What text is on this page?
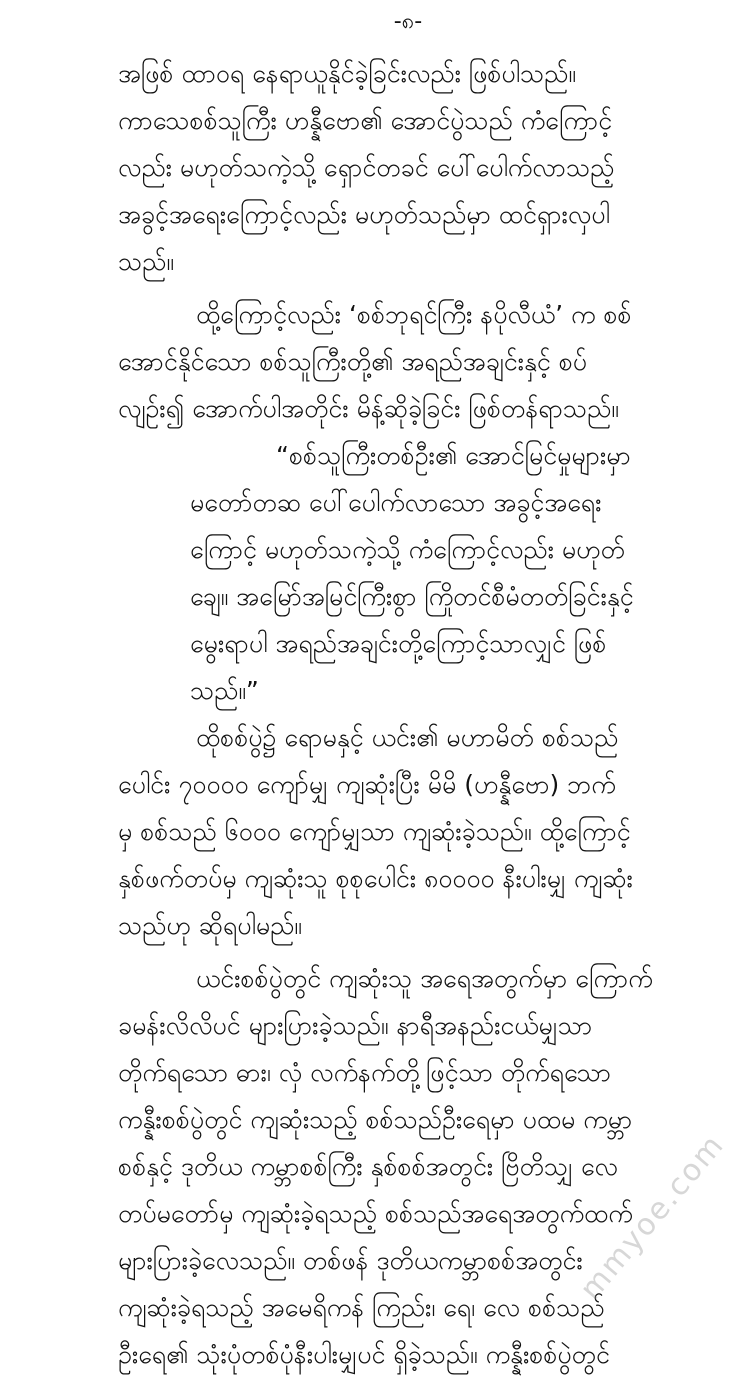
-၈-
အဖြစ် ထာဝရ နေရာယူနိုင်ခဲ့ခြင်းလည်း ဖြစ်ပါသည်။
ကာသေစစ်သူကြီး ဟန္နီဗော၏ အောင်ပွဲသည် ကံကြောင့်
လည်း မဟုတ်သကဲ့သို့ ရှောင်တခင် ပေါ်ပေါက်လာသည့်
အခွင့်အရေးကြောင့်လည်း မဟုတ်သည်မှာ ထင်ရှားလှပါ
သည်။
ထို့ကြောင့်လည်း ‘စစ်ဘုရင်ကြီး နပိုလီယံ’ က စစ်
အောင်နိုင်သော စစ်သူကြီးတို့၏ အရည်အချင်းနှင့် စပ်
လျဉ်း၍ အောက်ပါအတိုင်း မိန့်ဆိုခဲ့ခြင်း ဖြစ်တန်ရာသည်။
“စစ်သူကြီးတစ်ဦး၏ အောင်မြင်မှုများမှာ
မတော်တဆ ပေါ်ပေါက်လာသော အခွင့်အရေး
ကြောင့် မဟုတ်သကဲ့သို့ ကံကြောင့်လည်း မဟုတ်
ချေ။ အမြော်အမြင်ကြီးစွာ ကြိုတင်စီမံတတ်ခြင်းနှင့်
မွေးရာပါ အရည်အချင်းတို့ကြောင့်သာလျှင် ဖြစ်
သည်။”
ထိုစစ်ပွဲ၌ ရောမနှင့် ယင်း၏ မဟာမိတ် စစ်သည်
ပေါင်း ၇၀၀၀၀ ကျော်မျှ ကျဆုံးပြီး မိမိ (ဟန္နီဗော) ဘက်
မှ စစ်သည် ၆၀၀၀ ကျော်မျှသာ ကျဆုံးခဲ့သည်။ ထို့ကြောင့်
နှစ်ဖက်တပ်မှ ကျဆုံးသူ စုစုပေါင်း ၈၀၀၀၀ နီးပါးမျှ ကျဆုံး
သည်ဟု ဆိုရပါမည်။
ယင်းစစ်ပွဲတွင် ကျဆုံးသူ အရေအတွက်မှာ ကြောက်
ခမန်းလိလိပင် များပြားခဲ့သည်။ နာရီအနည်းငယ်မျှသာ
တိုက်ရသော ဓား၊ လှံ လက်နက်တို့ဖြင့်သာ တိုက်ရသော
ကန္နီးစစ်ပွဲတွင် ကျဆုံးသည့် စစ်သည်ဦးရေမှာ ပထမ ကမ္ဘာ
စစ်နှင့် ဒုတိယ ကမ္ဘာစစ်ကြီး နှစ်စစ်အတွင်း ဗြိတိသျှ လေ
တပ်မတော်မှ ကျဆုံးခဲ့ရသည့် စစ်သည်အရေအတွက်ထက်
များပြားခဲ့လေသည်။ တစ်ဖန် ဒုတိယကမ္ဘာစစ်အတွင်း
ကျဆုံးခဲ့ရသည့် အမေရိကန် ကြည်း၊ ရေ၊ လေ စစ်သည်
ဦးရေ၏ သုံးပုံတစ်ပုံနီးပါးမျှပင် ရှိခဲ့သည်။ ကန္နီးစစ်ပွဲတွင်
mmyoe.com
